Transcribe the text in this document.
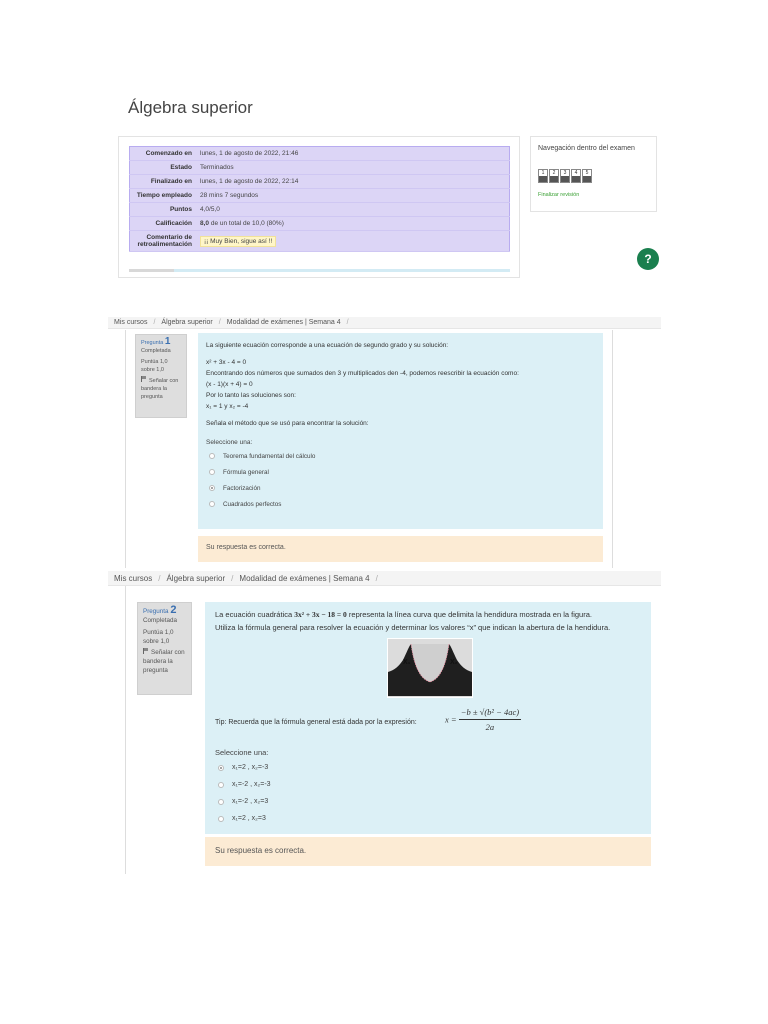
Álgebra superior
Comenzado en	lunes, 1 de agosto de 2022, 21:46
Estado	Terminados
Finalizado en	lunes, 1 de agosto de 2022, 22:14
Tiempo empleado	28 mins 7 segundos
Puntos	4,0/5,0
Calificación	8,0 de un total de 10,0 (80%)
Comentario de retroalimentación	¡¡ Muy Bien, sigue así !!
Navegación dentro del examen
1	2	3	4	5
Finalizar revisión
?
Mis cursos / Álgebra superior / Modalidad de exámenes | Semana 4 /
Pregunta 1
Completada
Puntúa 1,0 sobre 1,0
Señalar con bandera la pregunta
La siguiente ecuación corresponde a una ecuación de segundo grado y su solución:
x² + 3x - 4 = 0
Encontrando dos números que sumados den 3 y multiplicados den -4, podemos reescribir la ecuación como:
(x - 1)(x + 4) = 0
Por lo tanto las soluciones son:
x₁ = 1 y x₂ = -4
Señala el método que se usó para encontrar la solución:
Seleccione una:
Teorema fundamental del cálculo
Fórmula general
Factorización
Cuadrados perfectos
Su respuesta es correcta.
Mis cursos / Álgebra superior / Modalidad de exámenes | Semana 4 /
Pregunta 2
Completada
Puntúa 1,0 sobre 1,0
Señalar con bandera la pregunta
La ecuación cuadrática 3x² + 3x − 18 = 0 representa la línea curva que delimita la hendidura mostrada en la figura.
Utiliza la fórmula general para resolver la ecuación y determinar los valores “x” que indican la abertura de la hendidura.
X₁	X₂
Tip: Recuerda que la fórmula general está dada por la expresión:	$x = \frac{\text{−b ± √(b² − 4ac)}}{2a}$
Seleccione una:
x₁=2 , x₂=-3
x₁=-2 , x₂=-3
x₁=-2 , x₂=3
x₁=2 , x₂=3
Su respuesta es correcta.
